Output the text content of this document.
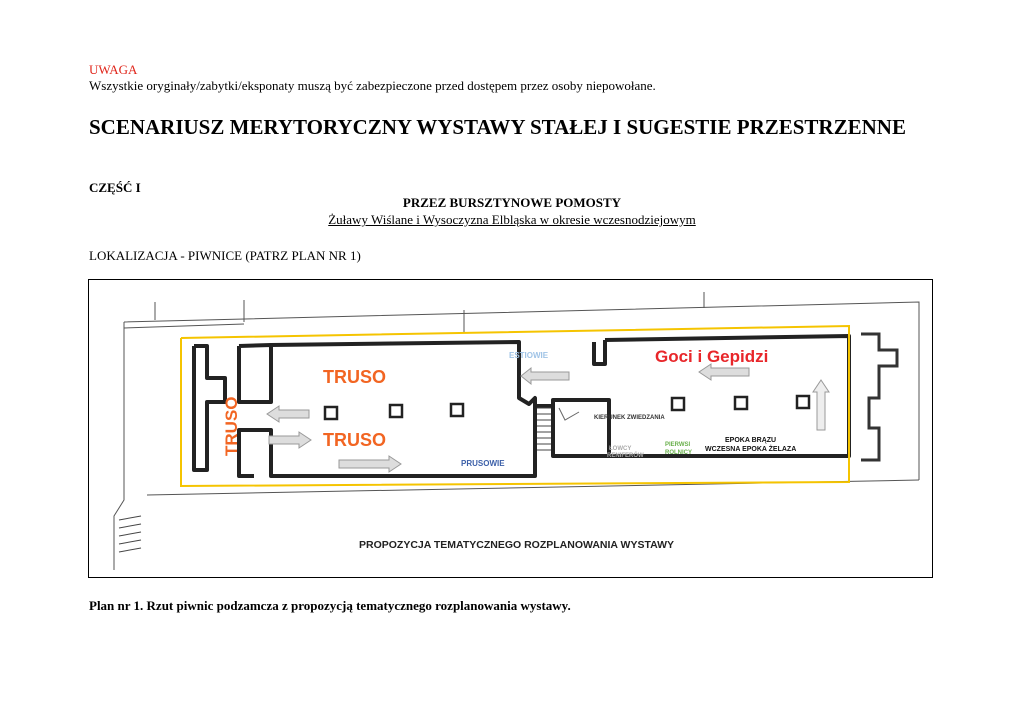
UWAGA
Wszystkie oryginały/zabytki/eksponaty muszą być zabezpieczone przed dostępem przez osoby niepowołane.
SCENARIUSZ MERYTORYCZNY WYSTAWY STAŁEJ I SUGESTIE PRZESTRZENNE
CZĘŚĆ I
PRZEZ BURSZTYNOWE POMOSTY
Żuławy Wiślane i Wysoczyzna Elbląska w okresie wczesnodziejowym
LOKALIZACJA - PIWNICE (PATRZ PLAN NR 1)
TRUSO
TRUSO
TRUSO
ESTIOWIE
PRUSOWIE
Goci i Gepidzi
KIERUNEK ZWIEDZANIA
ŁOWCY
RENIFERÓW
PIERWSI
ROLNICY
EPOKA BRĄZU
WCZESNA EPOKA ŻELAZA
PROPOZYCJA TEMATYCZNEGO ROZPLANOWANIA WYSTAWY
Plan nr 1. Rzut piwnic podzamcza z propozycją tematycznego rozplanowania wystawy.
